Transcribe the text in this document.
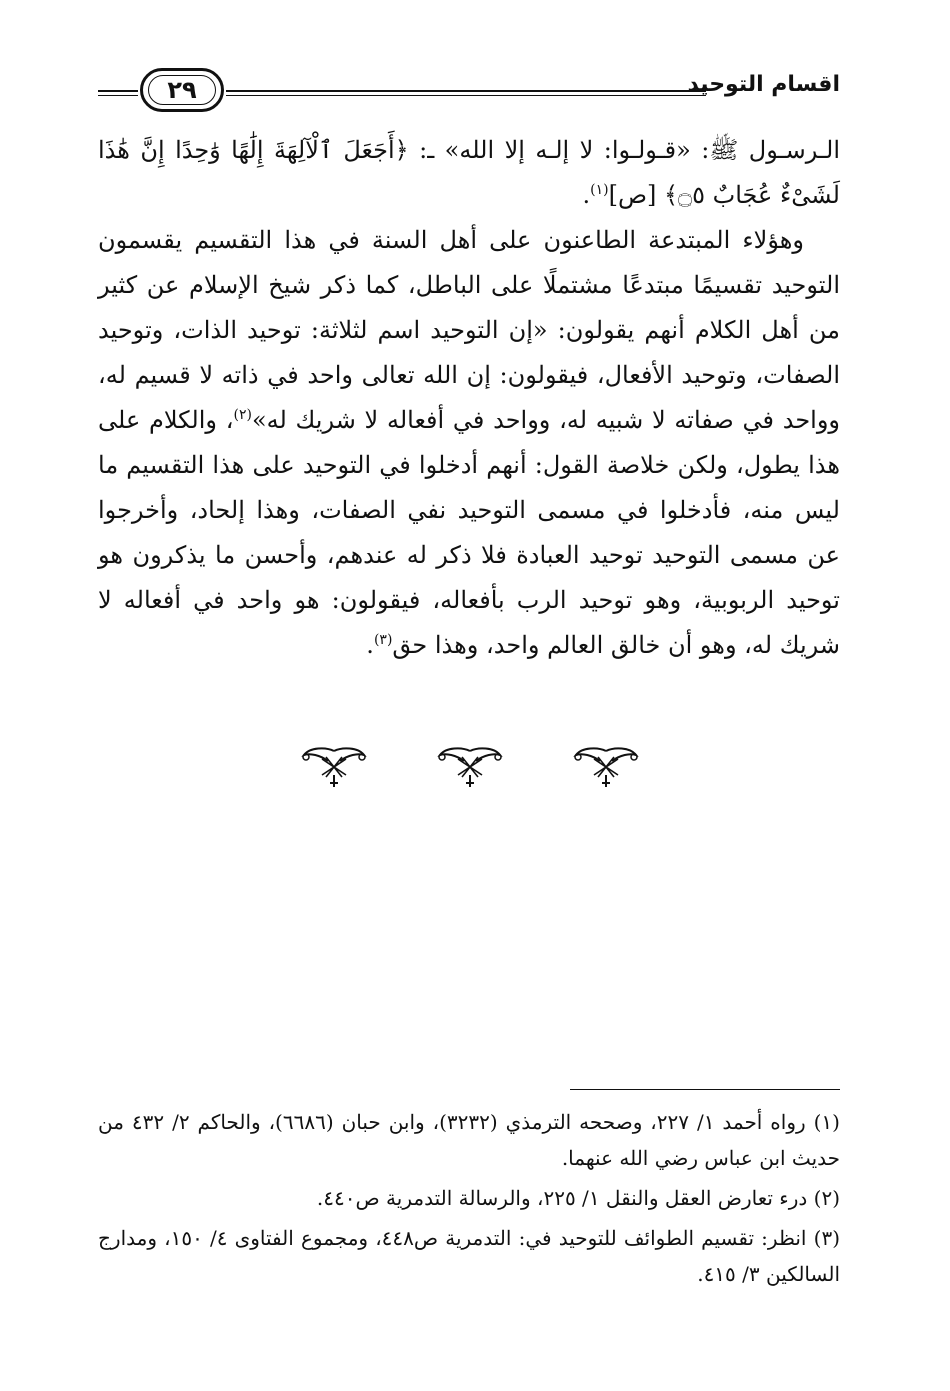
اقسام التوحيد
٢٩

الـرسـول ﷺ: «قـولـوا: لا إلـه إلا الله» ـ: ﴿أَجَعَلَ ٱلْآلِهَةَ إِلَٰهًا وَٰحِدًا إِنَّ هَٰذَا لَشَىْءٌ عُجَابٌ ۝٥﴾ [ص]$^{(١)}$.

وهؤلاء المبتدعة الطاعنون على أهل السنة في هذا التقسيم يقسمون التوحيد تقسيمًا مبتدعًا مشتملًا على الباطل، كما ذكر شيخ الإسلام عن كثير من أهل الكلام أنهم يقولون: «إن التوحيد اسم لثلاثة: توحيد الذات، وتوحيد الصفات، وتوحيد الأفعال، فيقولون: إن الله تعالى واحد في ذاته لا قسيم له، وواحد في صفاته لا شبيه له، وواحد في أفعاله لا شريك له»$^{(٢)}$، والكلام على هذا يطول، ولكن خلاصة القول: أنهم أدخلوا في التوحيد على هذا التقسيم ما ليس منه، فأدخلوا في مسمى التوحيد نفي الصفات، وهذا إلحاد، وأخرجوا عن مسمى التوحيد توحيد العبادة فلا ذكر له عندهم، وأحسن ما يذكرون هو توحيد الربوبية، وهو توحيد الرب بأفعاله، فيقولون: هو واحد في أفعاله لا شريك له، وهو أن خالق العالم واحد، وهذا حق$^{(٣)}$.

(١) رواه أحمد ١/ ٢٢٧، وصححه الترمذي (٣٢٣٢)، وابن حبان (٦٦٨٦)، والحاكم ٢/ ٤٣٢ من حديث ابن عباس رضي الله عنهما.

(٢) درء تعارض العقل والنقل ١/ ٢٢٥، والرسالة التدمرية ص٤٤٠.

(٣) انظر: تقسيم الطوائف للتوحيد في: التدمرية ص٤٤٨، ومجموع الفتاوى ٤/ ١٥٠، ومدارج السالكين ٣/ ٤١٥.
